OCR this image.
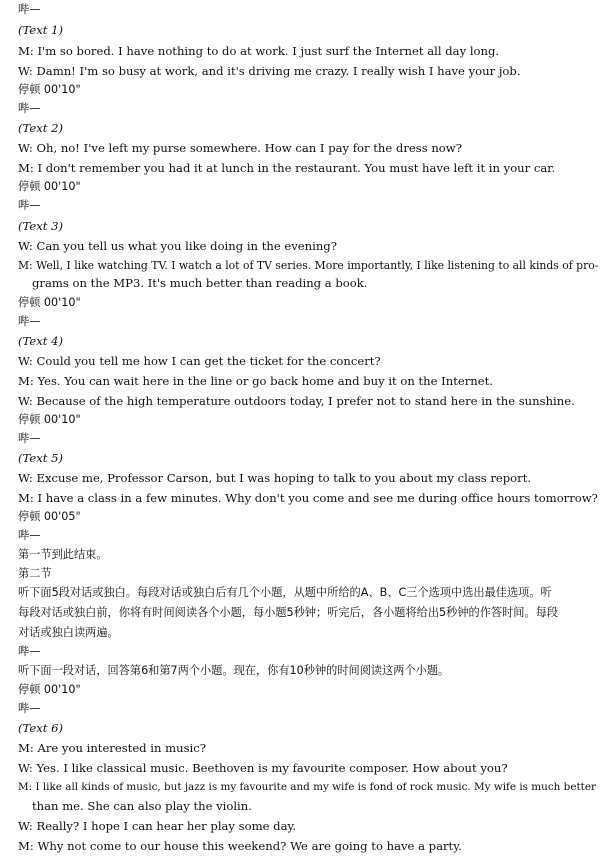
哔—
(Text 1)
M: I'm so bored. I have nothing to do at work. I just surf the Internet all day long.
W: Damn! I'm so busy at work, and it's driving me crazy. I really wish I have your job.
停顿 00'10"
哔—
(Text 2)
W: Oh, no! I've left my purse somewhere. How can I pay for the dress now?
M: I don't remember you had it at lunch in the restaurant. You must have left it in your car.
停顿 00'10"
哔—
(Text 3)
W: Can you tell us what you like doing in the evening?
M: Well, I like watching TV. I watch a lot of TV series. More importantly, I like listening to all kinds of pro-
grams on the MP3. It's much better than reading a book.
停顿 00'10"
哔—
(Text 4)
W: Could you tell me how I can get the ticket for the concert?
M: Yes. You can wait here in the line or go back home and buy it on the Internet.
W: Because of the high temperature outdoors today, I prefer not to stand here in the sunshine.
停顿 00'10"
哔—
(Text 5)
W: Excuse me, Professor Carson, but I was hoping to talk to you about my class report.
M: I have a class in a few minutes. Why don't you come and see me during office hours tomorrow?
停顿 00'05"
哔—
第一节到此结束。
第二节
听下面5段对话或独白。每段对话或独白后有几个小题，从题中所给的A、B、C三个选项中选出最佳选项。听
每段对话或独白前，你将有时间阅读各个小题，每小题5秒钟；听完后，各小题将给出5秒钟的作答时间。每段
对话或独白读两遍。
哔—
听下面一段对话，回答第6和第7两个小题。现在，你有10秒钟的时间阅读这两个小题。
停顿 00'10"
哔—
(Text 6)
M: Are you interested in music?
W: Yes. I like classical music. Beethoven is my favourite composer. How about you?
M: I like all kinds of music, but jazz is my favourite and my wife is fond of rock music. My wife is much better
than me. She can also play the violin.
W: Really? I hope I can hear her play some day.
M: Why not come to our house this weekend? We are going to have a party.
